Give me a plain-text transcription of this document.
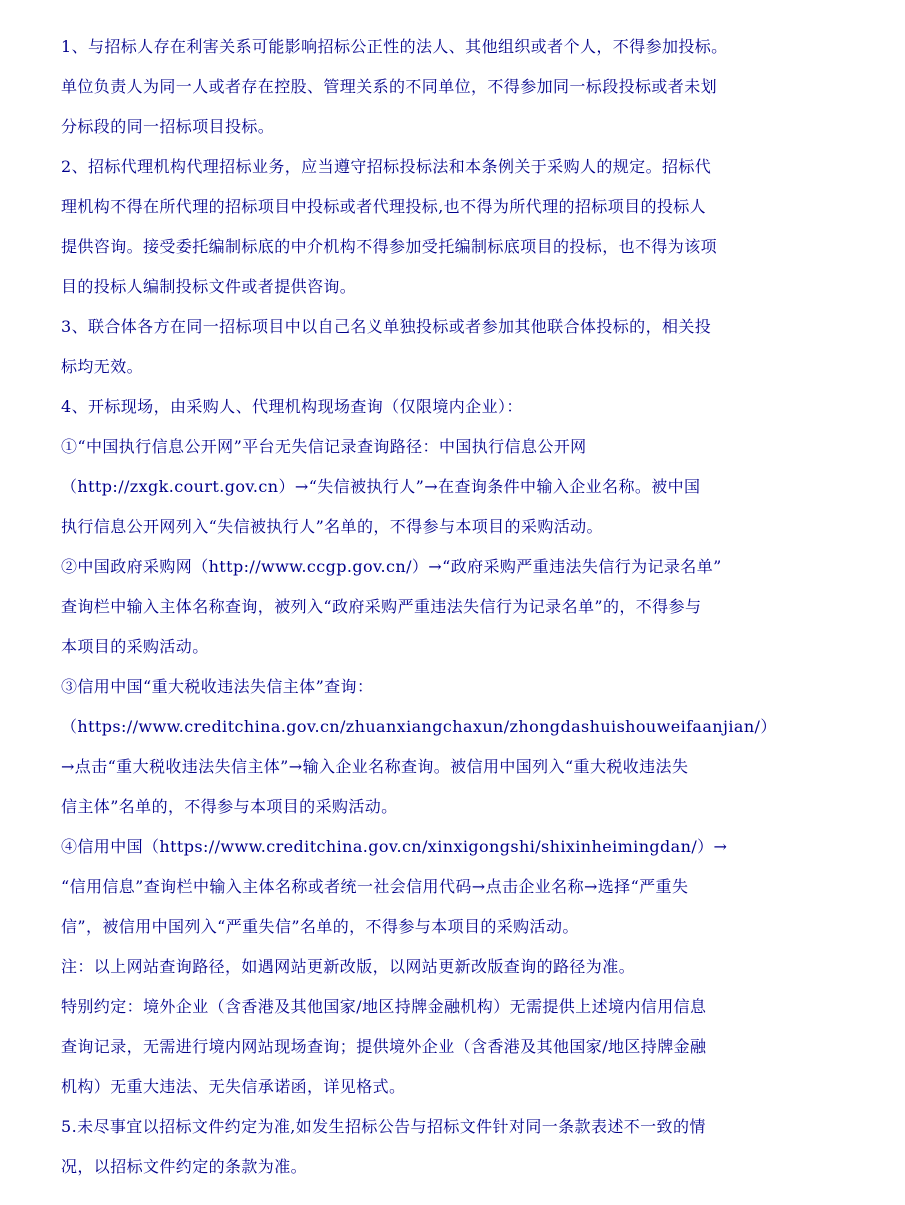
1、与招标人存在利害关系可能影响招标公正性的法人、其他组织或者个人，不得参加投标。
单位负责人为同一人或者存在控股、管理关系的不同单位，不得参加同一标段投标或者未划
分标段的同一招标项目投标。
2、招标代理机构代理招标业务，应当遵守招标投标法和本条例关于采购人的规定。招标代
理机构不得在所代理的招标项目中投标或者代理投标,也不得为所代理的招标项目的投标人
提供咨询。接受委托编制标底的中介机构不得参加受托编制标底项目的投标，也不得为该项
目的投标人编制投标文件或者提供咨询。
3、联合体各方在同一招标项目中以自己名义单独投标或者参加其他联合体投标的，相关投
标均无效。
4、开标现场，由采购人、代理机构现场查询（仅限境内企业）：
①“中国执行信息公开网”平台无失信记录查询路径：中国执行信息公开网
（http://zxgk.court.gov.cn）→“失信被执行人”→在查询条件中输入企业名称。被中国
执行信息公开网列入“失信被执行人”名单的，不得参与本项目的采购活动。
②中国政府采购网（http://www.ccgp.gov.cn/）→“政府采购严重违法失信行为记录名单”
查询栏中输入主体名称查询，被列入“政府采购严重违法失信行为记录名单”的，不得参与
本项目的采购活动。
③信用中国“重大税收违法失信主体”查询：
（https://www.creditchina.gov.cn/zhuanxiangchaxun/zhongdashuishouweifaanjian/）
→点击“重大税收违法失信主体”→输入企业名称查询。被信用中国列入“重大税收违法失
信主体”名单的，不得参与本项目的采购活动。
④信用中国（https://www.creditchina.gov.cn/xinxigongshi/shixinheimingdan/）→
“信用信息”查询栏中输入主体名称或者统一社会信用代码→点击企业名称→选择“严重失
信”，被信用中国列入“严重失信”名单的，不得参与本项目的采购活动。
注：以上网站查询路径，如遇网站更新改版，以网站更新改版查询的路径为准。
特别约定：境外企业（含香港及其他国家/地区持牌金融机构）无需提供上述境内信用信息
查询记录，无需进行境内网站现场查询；提供境外企业（含香港及其他国家/地区持牌金融
机构）无重大违法、无失信承诺函，详见格式。
5.未尽事宜以招标文件约定为准,如发生招标公告与招标文件针对同一条款表述不一致的情
况，以招标文件约定的条款为准。
